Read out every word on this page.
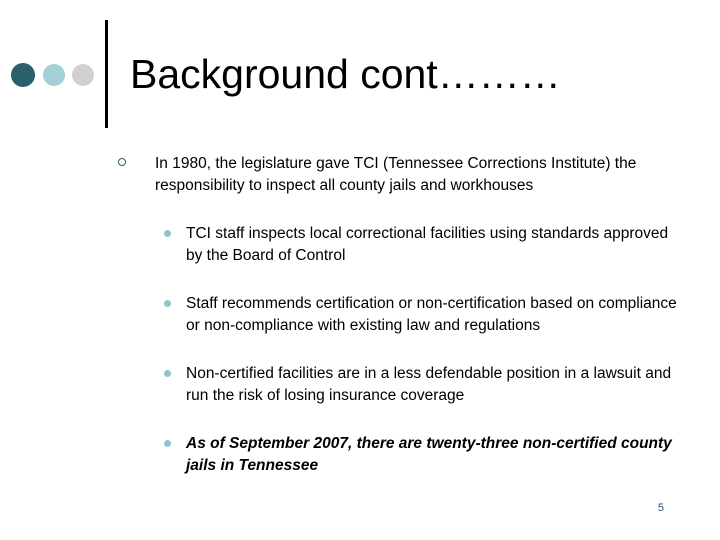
Background cont………
In 1980, the legislature gave TCI (Tennessee Corrections Institute) the responsibility to inspect all county jails and workhouses
TCI staff inspects local correctional facilities using standards approved by the Board of Control
Staff recommends certification or non-certification based on compliance or non-compliance with existing law and regulations
Non-certified facilities are in a less defendable position in a lawsuit and run the risk of losing insurance coverage
As of September 2007, there are twenty-three non-certified county jails in Tennessee
5
